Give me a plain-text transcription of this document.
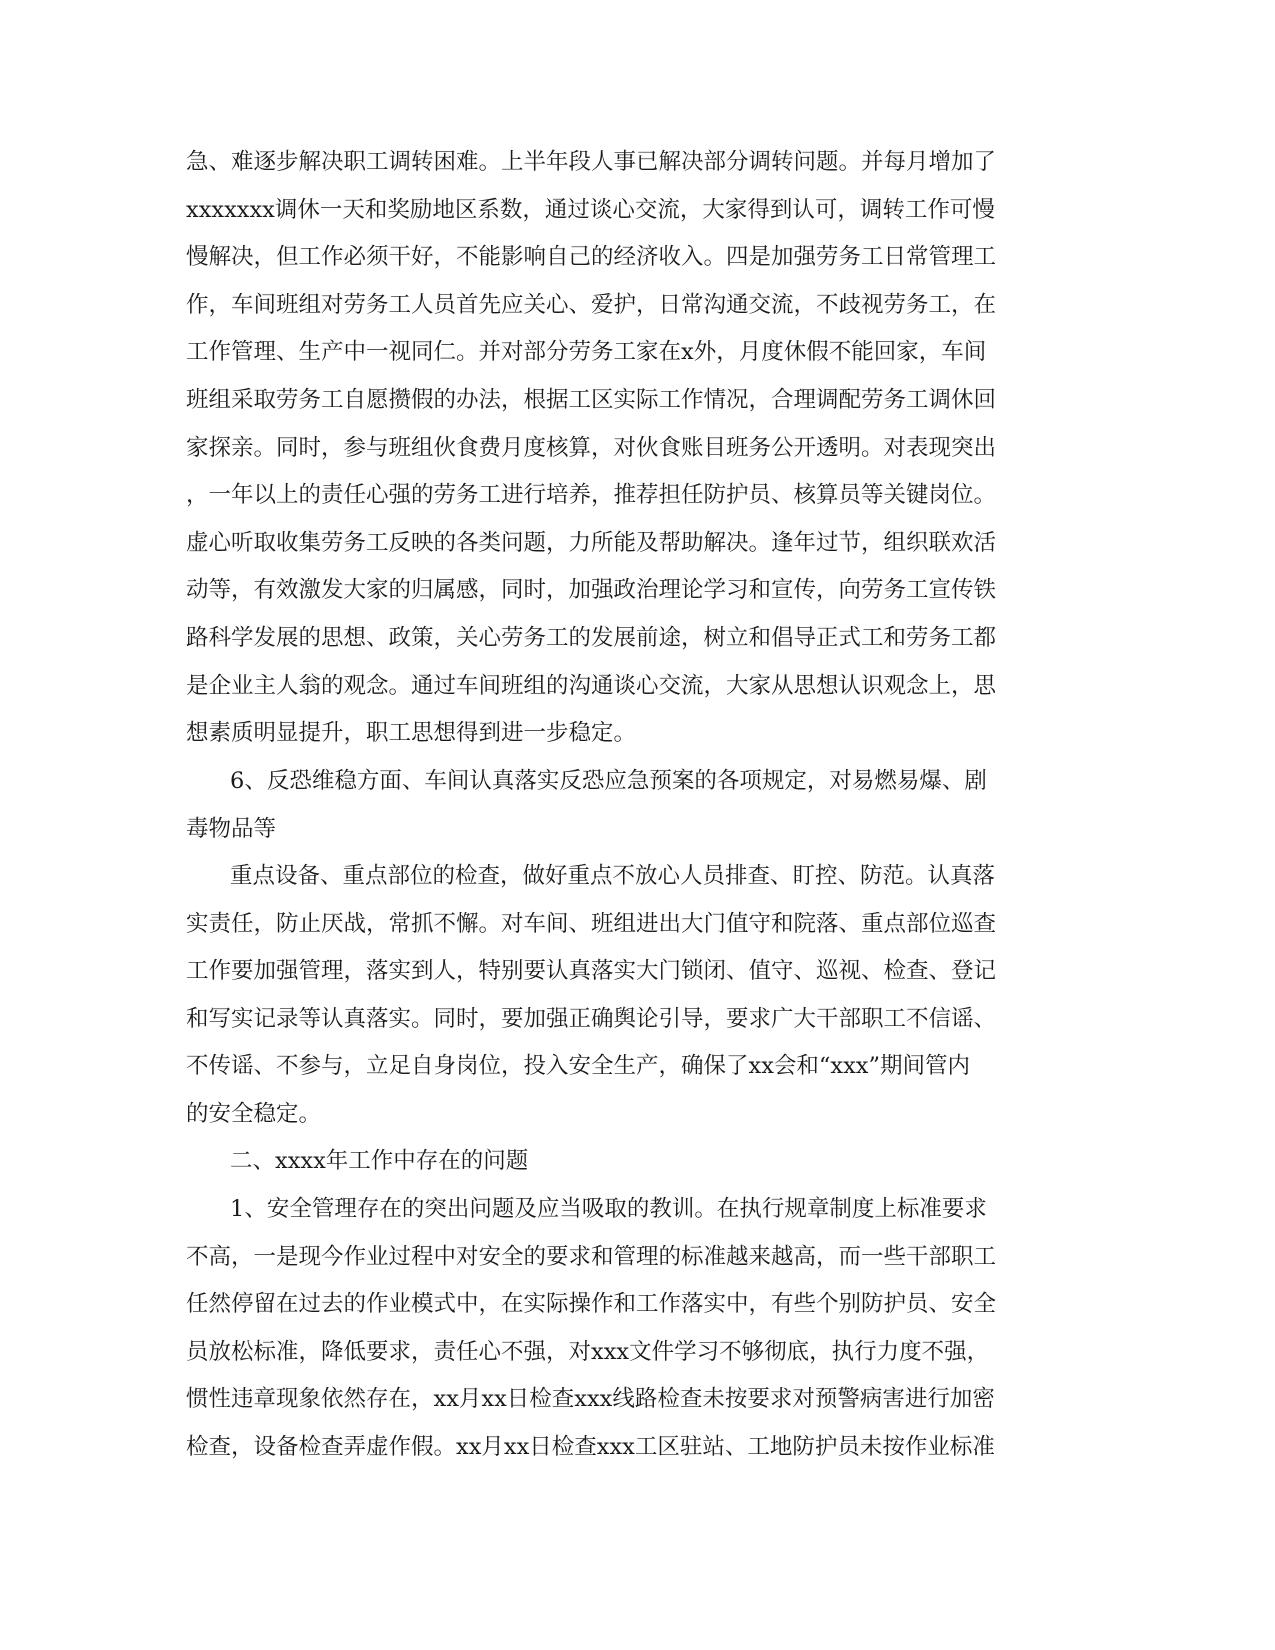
急、难逐步解决职工调转困难。上半年段人事已解决部分调转问题。并每月增加了
xxxxxxx调休一天和奖励地区系数，通过谈心交流，大家得到认可，调转工作可慢
慢解决，但工作必须干好，不能影响自己的经济收入。四是加强劳务工日常管理工
作，车间班组对劳务工人员首先应关心、爱护，日常沟通交流，不歧视劳务工，在
工作管理、生产中一视同仁。并对部分劳务工家在x外，月度休假不能回家，车间
班组采取劳务工自愿攒假的办法，根据工区实际工作情况，合理调配劳务工调休回
家探亲。同时，参与班组伙食费月度核算，对伙食账目班务公开透明。对表现突出
，一年以上的责任心强的劳务工进行培养，推荐担任防护员、核算员等关键岗位。
虚心听取收集劳务工反映的各类问题，力所能及帮助解决。逢年过节，组织联欢活
动等，有效激发大家的归属感，同时，加强政治理论学习和宣传，向劳务工宣传铁
路科学发展的思想、政策，关心劳务工的发展前途，树立和倡导正式工和劳务工都
是企业主人翁的观念。通过车间班组的沟通谈心交流，大家从思想认识观念上，思
想素质明显提升，职工思想得到进一步稳定。
6、反恐维稳方面、车间认真落实反恐应急预案的各项规定，对易燃易爆、剧
毒物品等
重点设备、重点部位的检查，做好重点不放心人员排查、盯控、防范。认真落
实责任，防止厌战，常抓不懈。对车间、班组进出大门值守和院落、重点部位巡查
工作要加强管理，落实到人，特别要认真落实大门锁闭、值守、巡视、检查、登记
和写实记录等认真落实。同时，要加强正确舆论引导，要求广大干部职工不信谣、
不传谣、不参与，立足自身岗位，投入安全生产，确保了xx会和“xxx”期间管内
的安全稳定。
二、xxxx年工作中存在的问题
1、安全管理存在的突出问题及应当吸取的教训。在执行规章制度上标准要求
不高，一是现今作业过程中对安全的要求和管理的标准越来越高，而一些干部职工
任然停留在过去的作业模式中，在实际操作和工作落实中，有些个别防护员、安全
员放松标准，降低要求，责任心不强，对xxx文件学习不够彻底，执行力度不强，
惯性违章现象依然存在，xx月xx日检查xxx线路检查未按要求对预警病害进行加密
检查，设备检查弄虚作假。xx月xx日检查xxx工区驻站、工地防护员未按作业标准
